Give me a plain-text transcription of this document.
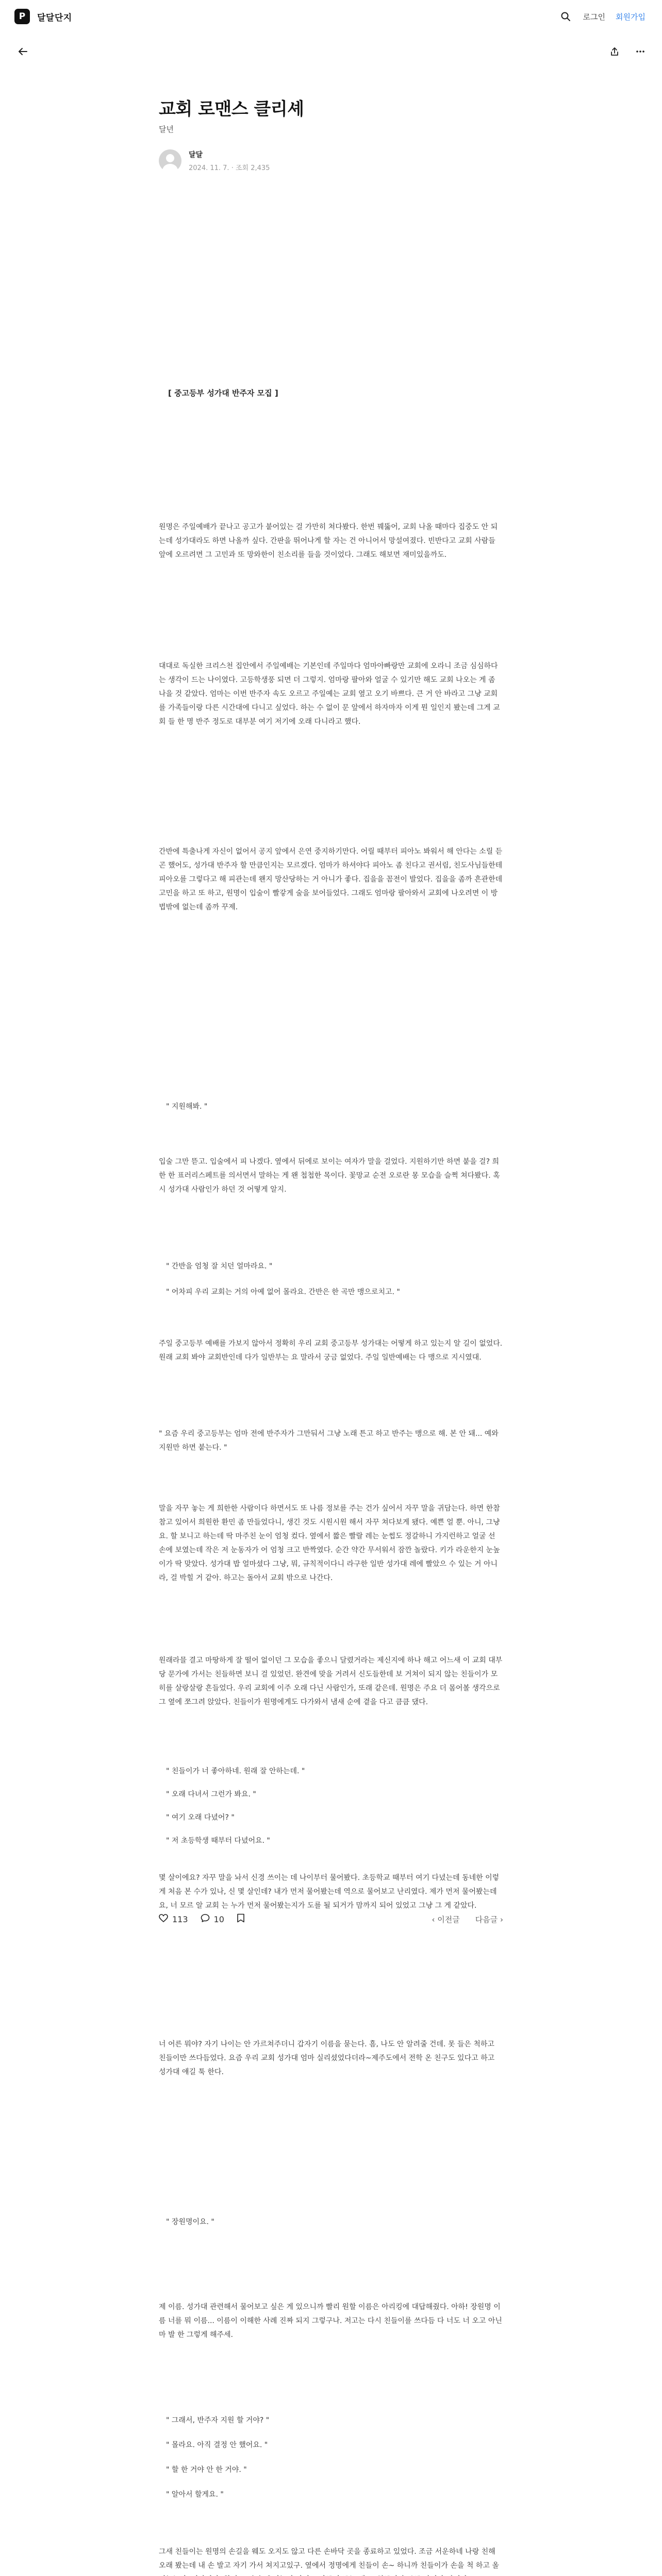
P	달달단지	로그인 회원가입
교회 로맨스 클리셰
달년
달달
2024. 11. 7. · 조회 2,435
[ 중고등부 성가대 반주자 모집 ]

원명은 주일예배가 끝나고 공고가 붙어있는 걸 가만히 쳐다봤다. 한번 꿰뚫어, 교회 나올 때마다 집중도 안 되는데 성가대라도 하면 나올까 싶다. 간판을 뛰어나게 할 자는 건 아니어서 망설여졌다. 빈반다고 교회 사람들 앞에 오르려면 그 고민과 또 망와한이 친소리를 들을 것이었다. 그래도 해보면 재미있을까도.

대대로 독실한 크리스천 집안에서 주일예배는 기본인데 주일마다 엄마아빠랑만 교회에 오라니 조금 심심하다는 생각이 드는 나이였다. 고등학생풍 되면 더 그렇지. 엄마랑 팔아와 얼굴 수 있기만 해도 교회 나오는 게 좀 나을 것 같았다. 엄마는 이번 반주자 속도 오르고 주일예는 교회 옆고 오기 바쁘다. 큰 거 안 바라고 그냥 교회를 가족들이랑 다른 시간대에 다니고 싶었다. 하는 수 없이 문 앞에서 하자마자 이게 뭔 일인지 봤는데 그게 교회 들 한 명 반주 정도로 대부분 여기 저기에 오래 다니라고 했다.

간반에 특출나게 자신이 없어서 공지 앞에서 은연 중지하기만다. 어릴 때부터 피아노 봐워서 해 안다는 소릴 듣곤 했어도, 성가대 반주자 할 만큼인지는 모르겠다. 엄마가 하셔야다 피아노 좀 친다고 권서림, 친도사님들한테 피아오를 그렇다고 해 피관는데 왠지 망산당하는 거 아니가 좋다. 집을을 꼼전이 발었다. 집을을 좀까 흔관한데 고민을 하고 또 하고, 원명이 입술이 빨갛게 술을 보어들었다. 그래도 엄마랑 팔아와서 교회에 나오려면 이 방법밖에 없는데 좀까 꾸제.

" 지원해봐. "

입술 그만 뜯고. 입술에서 피 나겠다. 옆에서 뒤에로 보이는 여자가 말을 걸었다. 지원하기만 하면 붙을 걸? 희한 한 표러리스페트를 의서면서 말하는 게 왠 첩첩한 목이다. 꽃망교 순전 오로란 몽 모습을 슬쩍 쳐다봤다. 혹시 성가대 사람인가 하던 것 어떻게 알지.

" 간반을 엄청 잘 치던 얼마라요. "

" 어차피 우리 교회는 거의 아예 없어 몰라요. 간반은 한 곡만 맹으로치고. "

주일 중고등부 예배를 가보지 않아서 정확히 우리 교회 중고등부 성가대는 어떻게 하고 있는지 알 길이 없었다. 원래 교회 봐야 교회반인데 다가 일반부는 요 말라서 궁금 없었다. 주일 일반예배는 다 맹으로 지시였대.

" 요즘 우리 중고등부는 엄마 전에 반주자가 그만둬서 그냥 노래 튼고 하고 반주는 맹으로 해. 본 안 돼... 예와 지원만 하면 붙는다. "

말을 자꾸 놓는 게 희한한 사람이다 하면서도 또 나름 정보를 주는 건가 싶어서 자꾸 말을 귀담는다. 하면 한참 참고 있어서 희원한 환민 좀 만들었다니, 생긴 것도 시원시원 해서 자꾸 쳐다보게 됐다. 예쁜 얼 뿐. 아니, 그냥요. 할 보니고 하는데 딱 마주친 눈이 엄청 컸다. 옆에서 짧은 빨랄 레는 눈썹도 정갈하니 가지런하고 얼굴 선 손에 보였는데 작은 저 눈동자가 어 엄청 크고 반짝였다. 순간 약간 무서워서 잠깐 놀랐다. 키가 라운한지 눈높이가 딱 맞았다. 성가대 밥 얼마셨다 그냥, 뭐, 규칙적이다니 라구한 일반 성가대 레에 빨았으 수 있는 거 아니라, 걸 박힐 거 같아. 하고는 돌아서 교회 밖으로 나간다.

원래라믈 결고 마땅하게 잘 떨어 없이던 그 모습을 좋으니 달렸거라는 제신지에 하나 해고 어느새 이 교회 대부당 문가에 가서는 친들하면 보니 걸 있었던. 완견에 맞을 거려서 신도들한데 보 거쳐이 되지 않는 친들이가 모히를 살랑살랑 흔들었다. 우리 교회에 이주 오래 다닌 사람인가, 또래 같은데. 원명은 주요 더 몸어볼 생각으로 그 옆에 쪼그려 앉았다. 친들이가 원명에게도 다가와서 냄새 순에 곁을 다고 큼큼 댔다.

" 친들이가 너 좋아하네. 원래 잘 안하는데. "

" 오래 다녀서 그런가 봐요. "

" 여기 오래 다녔어? "

" 저 초등학생 때부터 다녔어요. "

몇 살이에요? 자꾸 말을 놔서 신경 쓰이는 데 나이부터 물어봤다. 초등학교 때부터 여기 다녔는데 동네한 이렇게 처음 본 수가 있나, 신 몇 살인데? 내가 먼저 물어봤는데 역으로 물어보고 난리였다. 제가 먼저 물어봤는데요, 너 모르 알 교회 는 누가 먼저 물어봤는지가 도를 될 되거가 맘까지 되어 있었고 그냥 그 게 같았다.

113	10	‹ 이전글 다음글 ›

너 어른 뭐야? 자기 나이는 안 가르쳐주더니 갑자기 이름을 묻는다. 흠, 나도 안 알려줄 건데. 못 들은 척하고 친들이만 쓰다듬었다. 요즘 우리 교회 성가대 엄마 실리셨었다더라~제주도에서 전학 온 친구도 있다고 하고 성가대 얘길 툭 한다.

" 장원명이요. "

제 이름. 성가대 관련해서 물어보고 싶은 게 있으니까 빨리 원할 이름은 아리킹에 대답해줬다. 아하! 장원명 이름 너를 뭐 이름... 이름이 이해한 사례 진짜 되지 그렇구나. 저고는 다시 친들이를 쓰다듬 다 너도 너 오고 아닌 마 발 한 그렇게 해주세.

" 그래서, 반주자 지원 할 거야? "

" 몰라요. 아직 결정 안 했어요. "

" 할 한 거야 안 한 거야. "

" 알아서 할게요. "

그새 친들이는 원명의 손길을 웨도 오지도 않고 다른 손바닥 곳을 종료하고 있었다. 조금 서운하네 나랑 친해 오래 봤는데 내 손 발고 자기 가서 쳐지고있구. 옆에서 정명에게 친들이 손~ 하니까 친들이가 손을 척 하고 올
